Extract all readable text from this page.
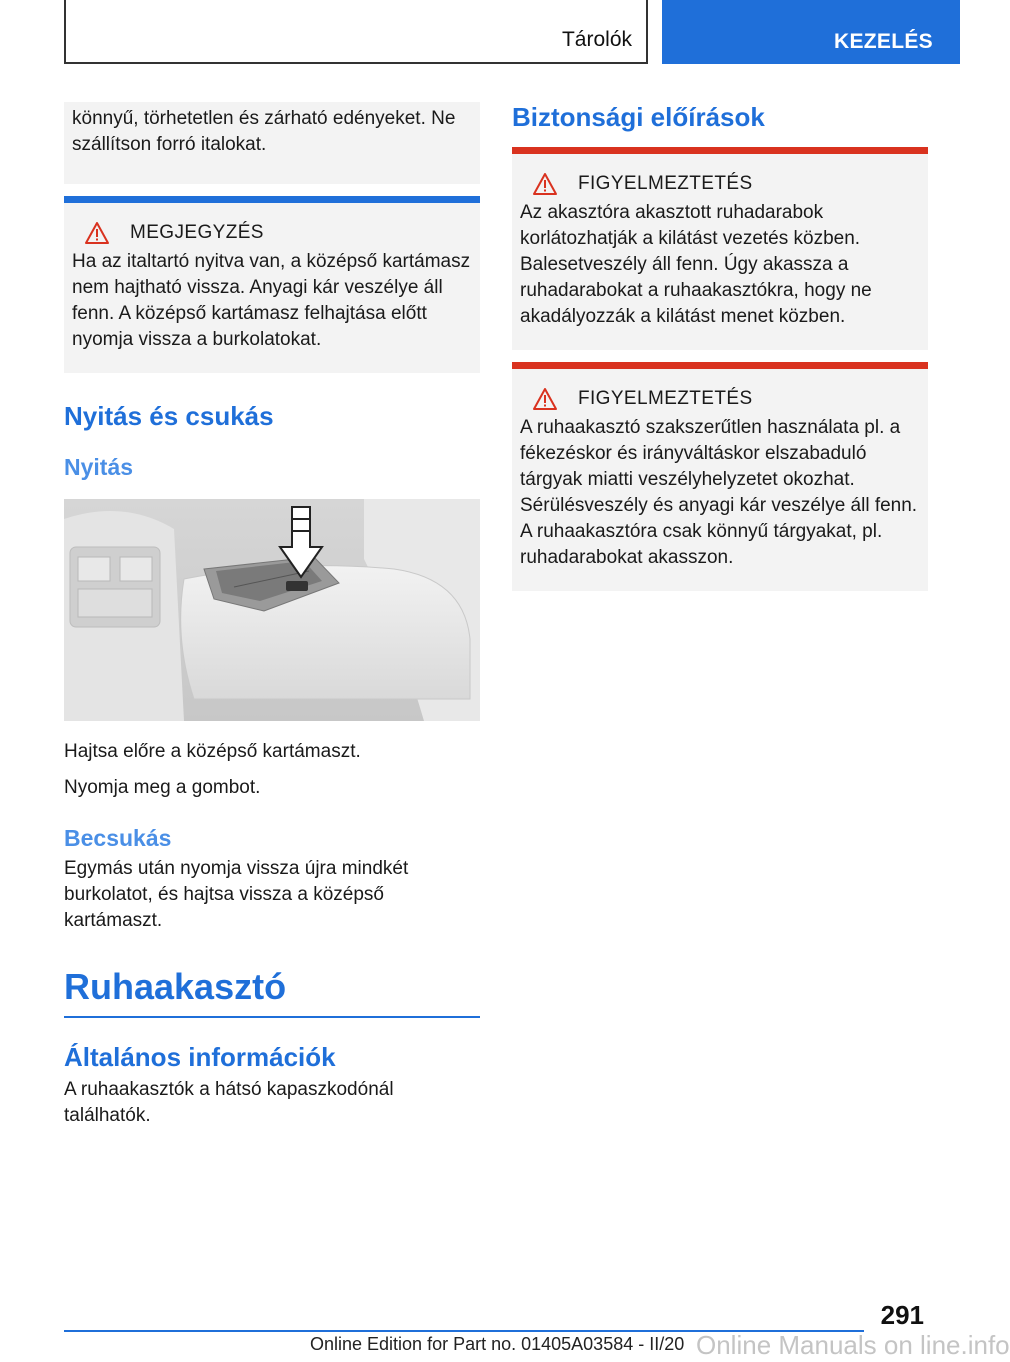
Tárolók	KEZELÉS

könnyű, törhetetlen és zárható edényeket. Ne szállítson forró italokat.

MEGJEGYZÉS

Ha az italtartó nyitva van, a középső kartámasz nem hajtható vissza. Anyagi kár veszélye áll fenn. A középső kartámasz felhajtása előtt nyomja vissza a burkolatokat.

Nyitás és csukás
Nyitás

Hajtsa előre a középső kartámaszt.

Nyomja meg a gombot.

Becsukás

Egymás után nyomja vissza újra mindkét burkolatot, és hajtsa vissza a középső kartámaszt.

Ruhaakasztó
Általános információk

A ruhaakasztók a hátsó kapaszkodónál találhatók.

Biztonsági előírások
FIGYELMEZTETÉS

Az akasztóra akasztott ruhadarabok korlátozhatják a kilátást vezetés közben. Balesetveszély áll fenn. Úgy akassza a ruhadarabokat a ruhaakasztókra, hogy ne akadályozzák a kilátást menet közben.

FIGYELMEZTETÉS

A ruhaakasztó szakszerűtlen használata pl. a fékezéskor és irányváltáskor elszabaduló tárgyak miatti veszélyhelyzetet okozhat. Sérülésveszély és anyagi kár veszélye áll fenn. A ruhaakasztóra csak könnyű tárgyakat, pl. ruhadarabokat akasszon.

291
Online Edition for Part no. 01405A03584 - II/20 Online Manuals on line.info
